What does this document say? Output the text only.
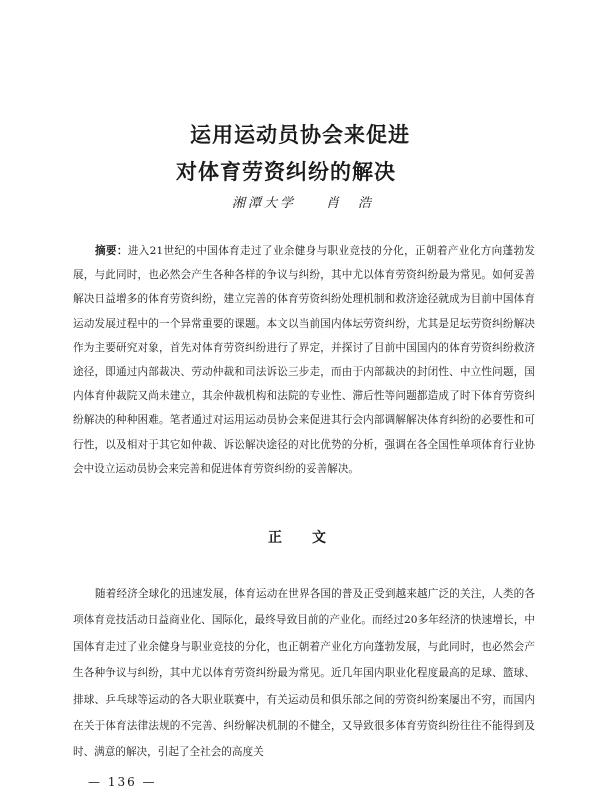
运用运动员协会来促进
对体育劳资纠纷的解决
湘潭大学 肖　浩

摘要：进入21世纪的中国体育走过了业余健身与职业竞技的分化，正朝着产业化方向蓬勃发展，与此同时，也必然会产生各种各样的争议与纠纷，其中尤以体育劳资纠纷最为常见。如何妥善解决日益增多的体育劳资纠纷，建立完善的体育劳资纠纷处理机制和救济途径就成为目前中国体育运动发展过程中的一个异常重要的课题。本文以当前国内体坛劳资纠纷，尤其是足坛劳资纠纷解决作为主要研究对象，首先对体育劳资纠纷进行了界定，并探讨了目前中国国内的体育劳资纠纷救济途径，即通过内部裁决、劳动仲裁和司法诉讼三步走，而由于内部裁决的封闭性、中立性问题，国内体育仲裁院又尚未建立，其余仲裁机构和法院的专业性、滞后性等问题都造成了时下体育劳资纠纷解决的种种困难。笔者通过对运用运动员协会来促进其行会内部调解解决体育纠纷的必要性和可行性，以及相对于其它如仲裁、诉讼解决途径的对比优势的分析，强调在各全国性单项体育行业协会中设立运动员协会来完善和促进体育劳资纠纷的妥善解决。

正文

随着经济全球化的迅速发展，体育运动在世界各国的普及正受到越来越广泛的关注，人类的各项体育竞技活动日益商业化、国际化，最终导致目前的产业化。而经过20多年经济的快速增长，中国体育走过了业余健身与职业竞技的分化，也正朝着产业化方向蓬勃发展，与此同时，也必然会产生各种争议与纠纷，其中尤以体育劳资纠纷最为常见。近几年国内职业化程度最高的足球、篮球、排球、乒乓球等运动的各大职业联赛中，有关运动员和俱乐部之间的劳资纠纷案屡出不穷，而国内在关于体育法律法规的不完善、纠纷解决机制的不健全，又导致很多体育劳资纠纷往往不能得到及时、满意的解决，引起了全社会的高度关

— 136 —
